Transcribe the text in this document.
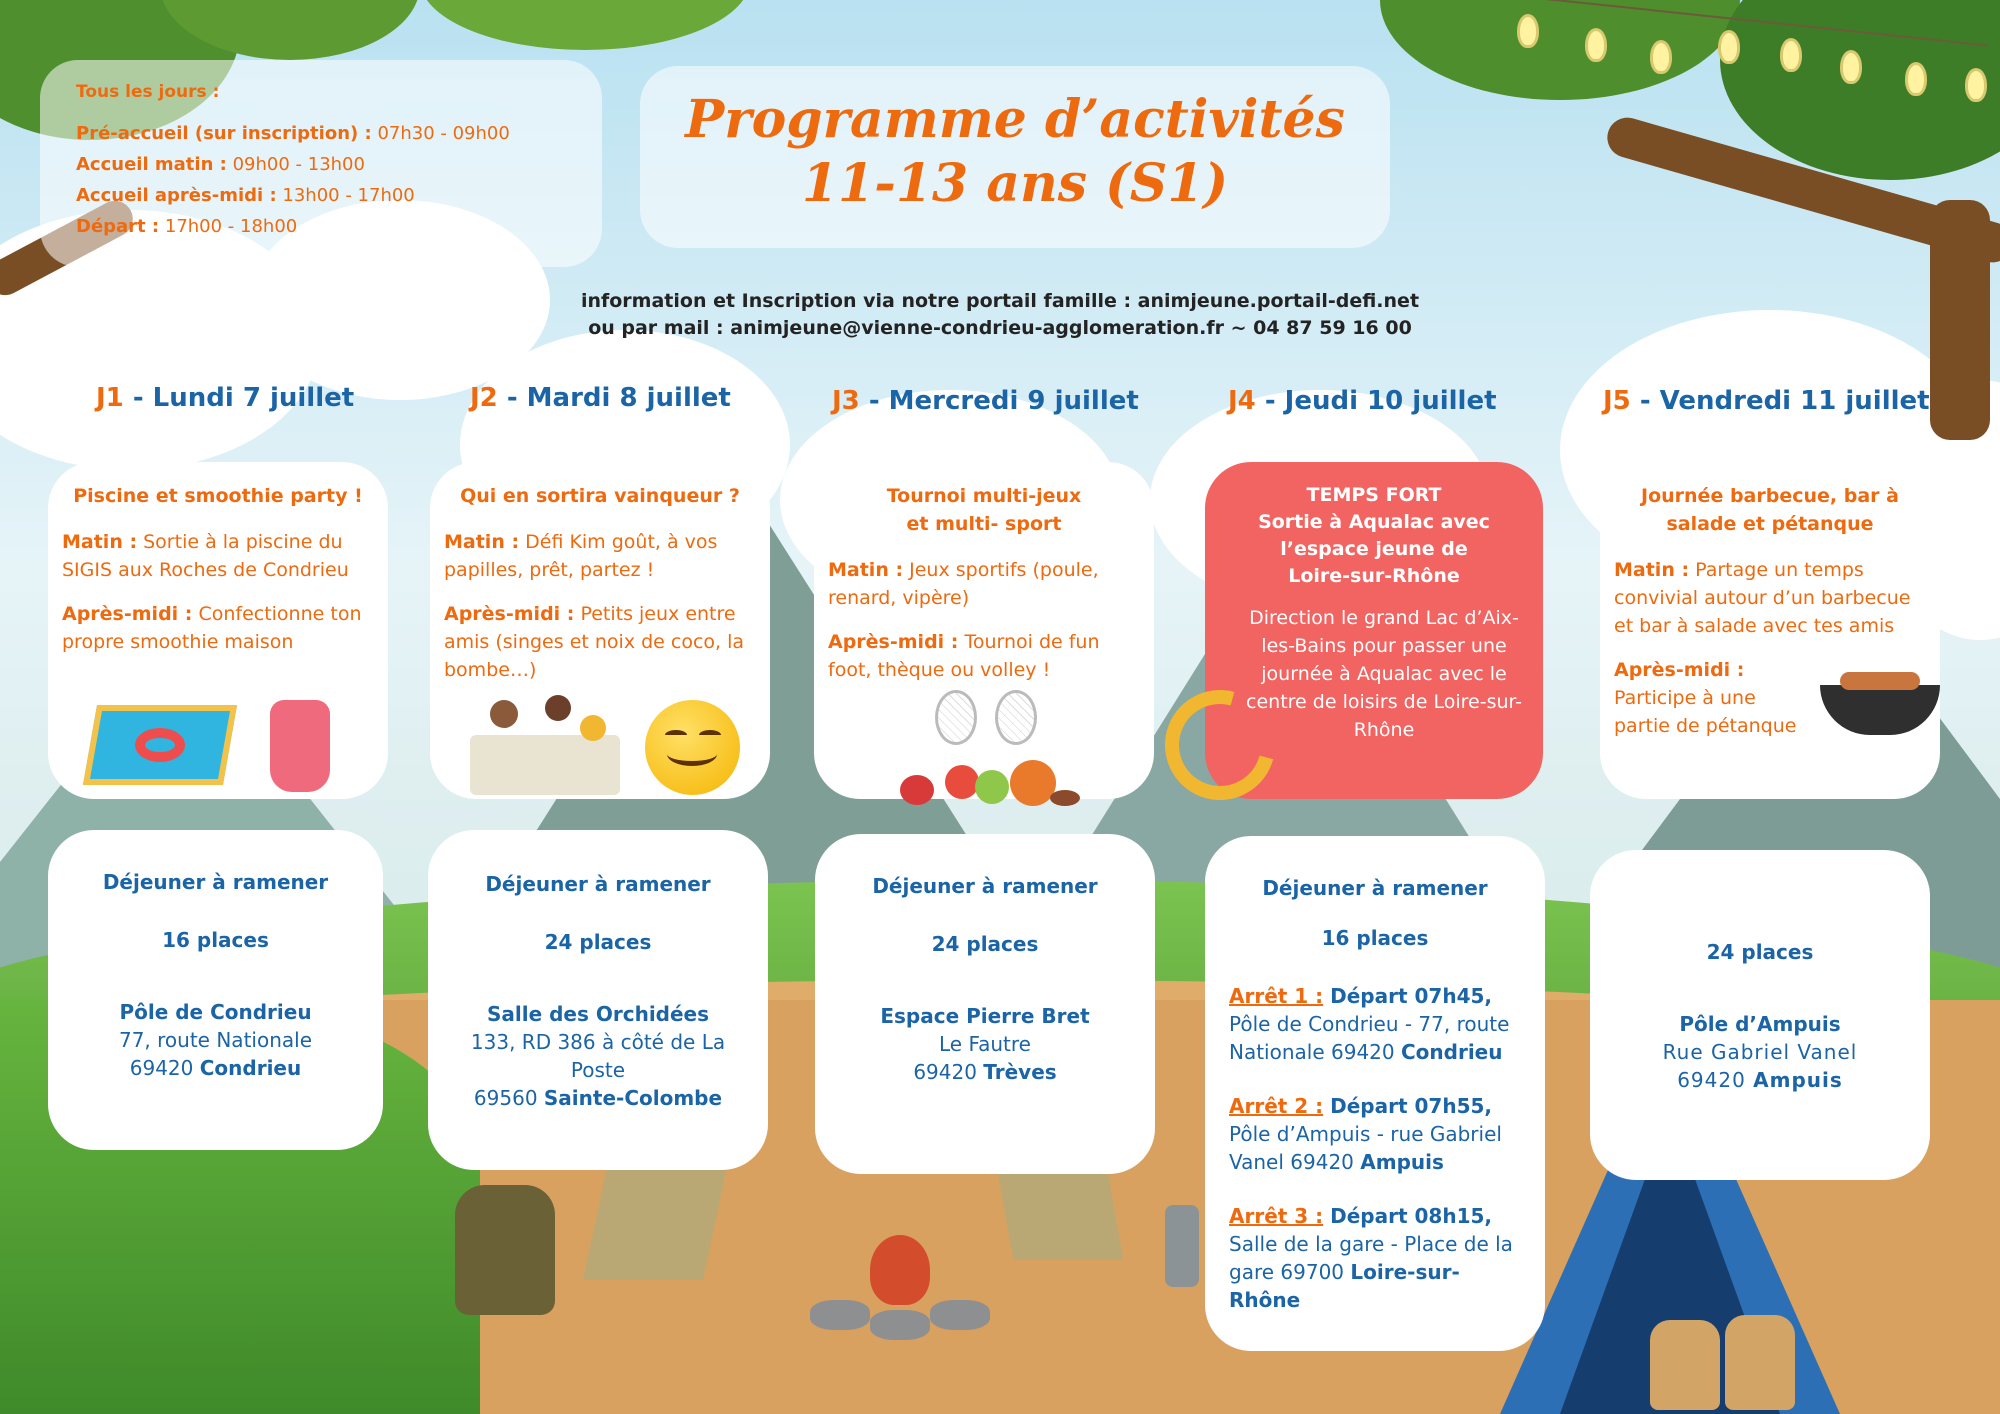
Tous les jours :
Pré-accueil (sur inscription) : 07h30 - 09h00
Accueil matin : 09h00 - 13h00
Accueil après-midi : 13h00 - 17h00
Départ : 17h00 - 18h00
Programme d’activités
11-13 ans (S1)
information et Inscription via notre portail famille : animjeune.portail-defi.net
ou par mail : animjeune@vienne-condrieu-agglomeration.fr ~ 04 87 59 16 00
J1 - Lundi 7 juillet	J2 - Mardi 8 juillet	J3 - Mercredi 9 juillet	J4 - Jeudi 10 juillet	J5 - Vendredi 11 juillet
Piscine et smoothie party !

Matin : Sortie à la piscine du SIGIS aux Roches de Condrieu

Après-midi : Confectionne ton propre smoothie maison

Qui en sortira vainqueur ?

Matin : Défi Kim goût, à vos papilles, prêt, partez !

Après-midi : Petits jeux entre amis (singes et noix de coco, la bombe…)

Tournoi multi-jeux
et multi- sport

Matin : Jeux sportifs (poule, renard, vipère)

Après-midi : Tournoi de fun foot, thèque ou volley !

TEMPS FORT
Sortie à Aqualac avec
l’espace jeune de
Loire-sur-Rhône

Direction le grand Lac d’Aix-les-Bains pour passer une journée à Aqualac avec le centre de loisirs de Loire-sur-Rhône

Journée barbecue, bar à
salade et pétanque

Matin : Partage un temps convivial autour d’un barbecue et bar à salade avec tes amis

Après-midi :
Participe à une partie de pétanque

Déjeuner à ramener
16 places
Pôle de Condrieu
77, route Nationale
69420 Condrieu
Déjeuner à ramener
24 places
Salle des Orchidées
133, RD 386 à côté de La Poste
69560 Sainte-Colombe
Déjeuner à ramener
24 places
Espace Pierre Bret
Le Fautre
69420 Trèves
Déjeuner à ramener
16 places
Arrêt 1 : Départ 07h45, Pôle de Condrieu - 77, route Nationale 69420 Condrieu
Arrêt 2 : Départ 07h55, Pôle d’Ampuis - rue Gabriel Vanel 69420 Ampuis
Arrêt 3 : Départ 08h15, Salle de la gare - Place de la gare 69700 Loire-sur-Rhône
24 places
Pôle d’Ampuis
Rue Gabriel Vanel
69420 Ampuis
